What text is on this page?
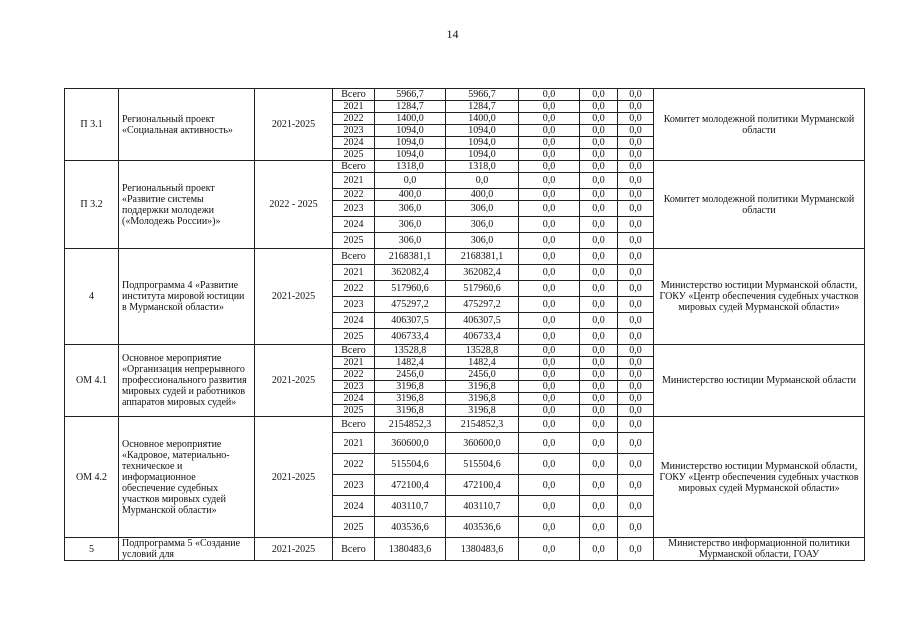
14
П 3.1	Региональный проект «Социальная активность»	2021-2025	Всего	5966,7	5966,7	0,0	0,0	0,0	Комитет молодежной политики Мурманской области
			2021	1284,7	1284,7	0,0	0,0	0,0	
			2022	1400,0	1400,0	0,0	0,0	0,0	
			2023	1094,0	1094,0	0,0	0,0	0,0	
			2024	1094,0	1094,0	0,0	0,0	0,0	
			2025	1094,0	1094,0	0,0	0,0	0,0	
П 3.2	Региональный проект «Развитие системы поддержки молодежи («Молодежь России»)»	2022 - 2025	Всего	1318,0	1318,0	0,0	0,0	0,0	Комитет молодежной политики Мурманской области
			2021	0,0	0,0	0,0	0,0	0,0	
			2022	400,0	400,0	0,0	0,0	0,0	
			2023	306,0	306,0	0,0	0,0	0,0	
			2024	306,0	306,0	0,0	0,0	0,0	
			2025	306,0	306,0	0,0	0,0	0,0	
4	Подпрограмма 4 «Развитие института мировой юстиции в Мурманской области»	2021-2025	Всего	2168381,1	2168381,1	0,0	0,0	0,0	Министерство юстиции Мурманской области, ГОКУ «Центр обеспечения судебных участков мировых судей Мурманской области»
			2021	362082,4	362082,4	0,0	0,0	0,0	
			2022	517960,6	517960,6	0,0	0,0	0,0	
			2023	475297,2	475297,2	0,0	0,0	0,0	
			2024	406307,5	406307,5	0,0	0,0	0,0	
			2025	406733,4	406733,4	0,0	0,0	0,0	
ОМ 4.1	Основное мероприятие «Организация непрерывного профессионального развития мировых судей и работников аппаратов мировых судей»	2021-2025	Всего	13528,8	13528,8	0,0	0,0	0,0	Министерство юстиции Мурманской области
			2021	1482,4	1482,4	0,0	0,0	0,0	
			2022	2456,0	2456,0	0,0	0,0	0,0	
			2023	3196,8	3196,8	0,0	0,0	0,0	
			2024	3196,8	3196,8	0,0	0,0	0,0	
			2025	3196,8	3196,8	0,0	0,0	0,0	
ОМ 4.2	Основное мероприятие «Кадровое, материально-техническое и информационное обеспечение судебных участков мировых судей Мурманской области»	2021-2025	Всего	2154852,3	2154852,3	0,0	0,0	0,0	Министерство юстиции Мурманской области, ГОКУ «Центр обеспечения судебных участков мировых судей Мурманской области»
			2021	360600,0	360600,0	0,0	0,0	0,0	
			2022	515504,6	515504,6	0,0	0,0	0,0	
			2023	472100,4	472100,4	0,0	0,0	0,0	
			2024	403110,7	403110,7	0,0	0,0	0,0	
			2025	403536,6	403536,6	0,0	0,0	0,0	
5	Подпрограмма 5 «Создание условий для	2021-2025	Всего	1380483,6	1380483,6	0,0	0,0	0,0	Министерство информационной политики Мурманской области, ГОАУ
